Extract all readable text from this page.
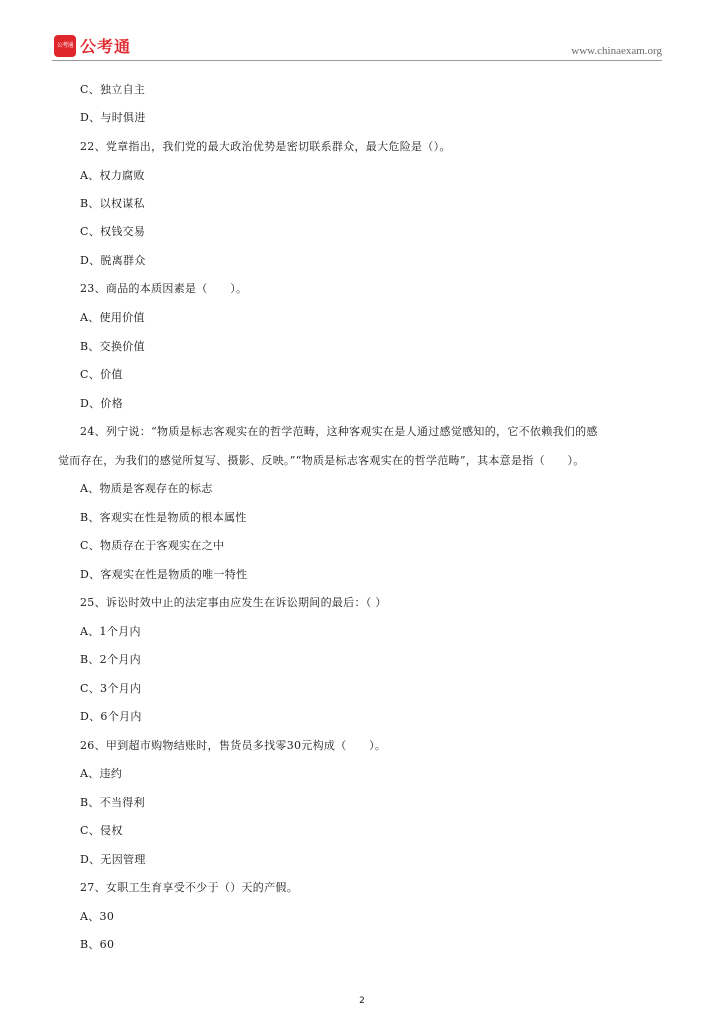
公考通 公考通	www.chinaexam.org
C、独立自主
D、与时俱进
22、党章指出，我们党的最大政治优势是密切联系群众，最大危险是（）。
A、权力腐败
B、以权谋私
C、权钱交易
D、脱离群众
23、商品的本质因素是（　　）。
A、使用价值
B、交换价值
C、价值
D、价格
24、列宁说：“物质是标志客观实在的哲学范畴，这种客观实在是人通过感觉感知的，它不依赖我们的感
觉而存在，为我们的感觉所复写、摄影、反映。”“物质是标志客观实在的哲学范畴”，其本意是指（　　）。
A、物质是客观存在的标志
B、客观实在性是物质的根本属性
C、物质存在于客观实在之中
D、客观实在性是物质的唯一特性
25、诉讼时效中止的法定事由应发生在诉讼期间的最后：（ ）
A、1个月内
B、2个月内
C、3个月内
D、6个月内
26、甲到超市购物结账时，售货员多找零30元构成（　　）。
A、违约
B、不当得利
C、侵权
D、无因管理
27、女职工生育享受不少于（）天的产假。
A、30
B、60
2
